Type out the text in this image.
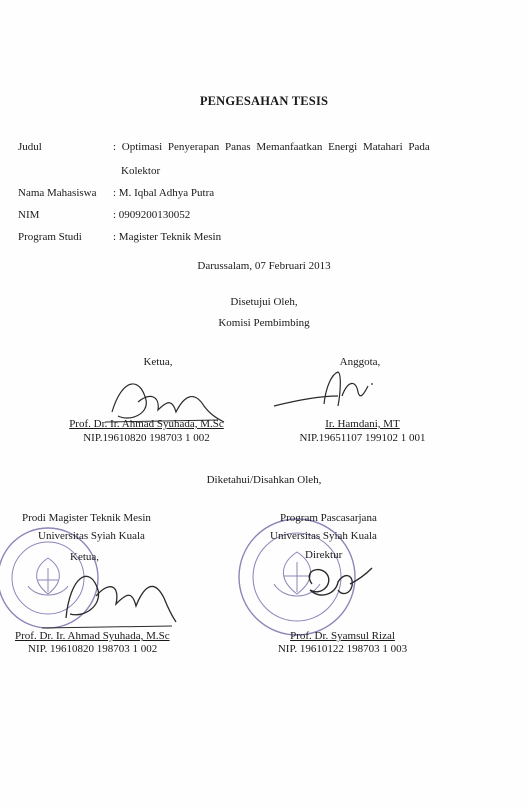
PENGESAHAN TESIS
Judul	: Optimasi Penyerapan Panas Memanfaatkan Energi Matahari Pada
Kolektor
Nama Mahasiswa	: M. Iqbal Adhya Putra
NIM	: 0909200130052
Program Studi	: Magister Teknik Mesin
Darussalam, 07 Februari 2013
Disetujui Oleh,
Komisi Pembimbing
Ketua,
Prof. Dr. Ir. Ahmad Syuhada, M.Sc
NIP.19610820 198703 1 002
Anggota,
Ir. Hamdani, MT
NIP.19651107 199102 1 001
Diketahui/Disahkan Oleh,
Prodi Magister Teknik Mesin
Universitas Syiah Kuala
Ketua,
Prof. Dr. Ir. Ahmad Syuhada, M.Sc
NIP. 19610820 198703 1 002
Program Pascasarjana
Universitas Syiah Kuala
Direktur
Prof. Dr. Syamsul Rizal
NIP. 19610122 198703 1 003
